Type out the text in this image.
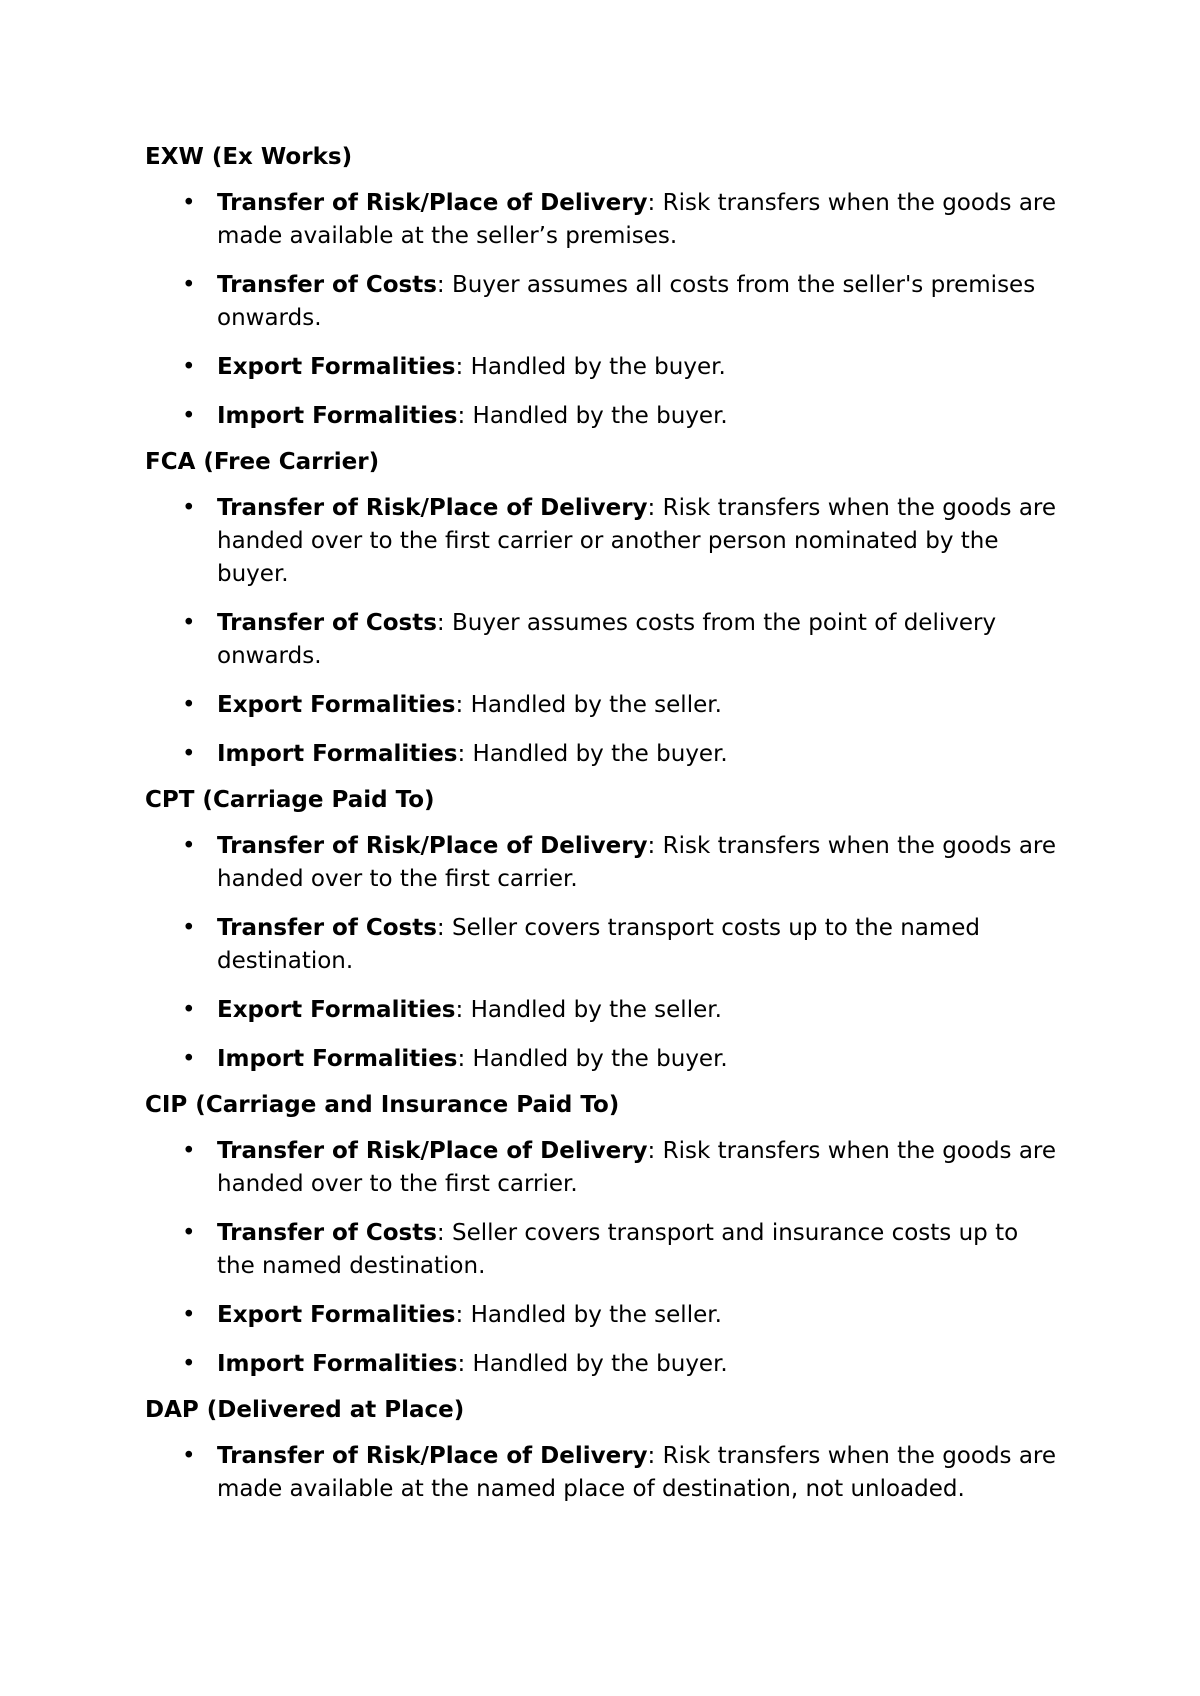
EXW (Ex Works)
• Transfer of Risk/Place of Delivery: Risk transfers when the goods are made available at the seller’s premises.
• Transfer of Costs: Buyer assumes all costs from the seller's premises onwards.
• Export Formalities: Handled by the buyer.
• Import Formalities: Handled by the buyer.
FCA (Free Carrier)
• Transfer of Risk/Place of Delivery: Risk transfers when the goods are handed over to the first carrier or another person nominated by the buyer.
• Transfer of Costs: Buyer assumes costs from the point of delivery onwards.
• Export Formalities: Handled by the seller.
• Import Formalities: Handled by the buyer.
CPT (Carriage Paid To)
• Transfer of Risk/Place of Delivery: Risk transfers when the goods are handed over to the first carrier.
• Transfer of Costs: Seller covers transport costs up to the named destination.
• Export Formalities: Handled by the seller.
• Import Formalities: Handled by the buyer.
CIP (Carriage and Insurance Paid To)
• Transfer of Risk/Place of Delivery: Risk transfers when the goods are handed over to the first carrier.
• Transfer of Costs: Seller covers transport and insurance costs up to the named destination.
• Export Formalities: Handled by the seller.
• Import Formalities: Handled by the buyer.
DAP (Delivered at Place)
• Transfer of Risk/Place of Delivery: Risk transfers when the goods are made available at the named place of destination, not unloaded.
